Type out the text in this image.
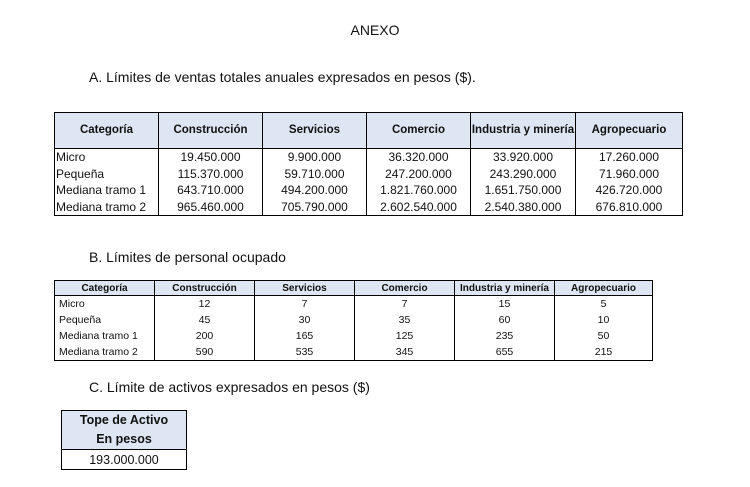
ANEXO
A. Límites de ventas totales anuales expresados en pesos ($).
Categoría	Construcción	Servicios	Comercio	Industria y minería	Agropecuario
Micro	19.450.000	9.900.000	36.320.000	33.920.000	17.260.000
Pequeña	115.370.000	59.710.000	247.200.000	243.290.000	71.960.000
Mediana tramo 1	643.710.000	494.200.000	1.821.760.000	1.651.750.000	426.720.000
Mediana tramo 2	965.460.000	705.790.000	2.602.540.000	2.540.380.000	676.810.000
B. Límites de personal ocupado
Categoría	Construcción	Servicios	Comercio	Industria y minería	Agropecuario
Micro	12	7	7	15	5
Pequeña	45	30	35	60	10
Mediana tramo 1	200	165	125	235	50
Mediana tramo 2	590	535	345	655	215
C. Límite de activos expresados en pesos ($)
Tope de Activo
En pesos

193.000.000
